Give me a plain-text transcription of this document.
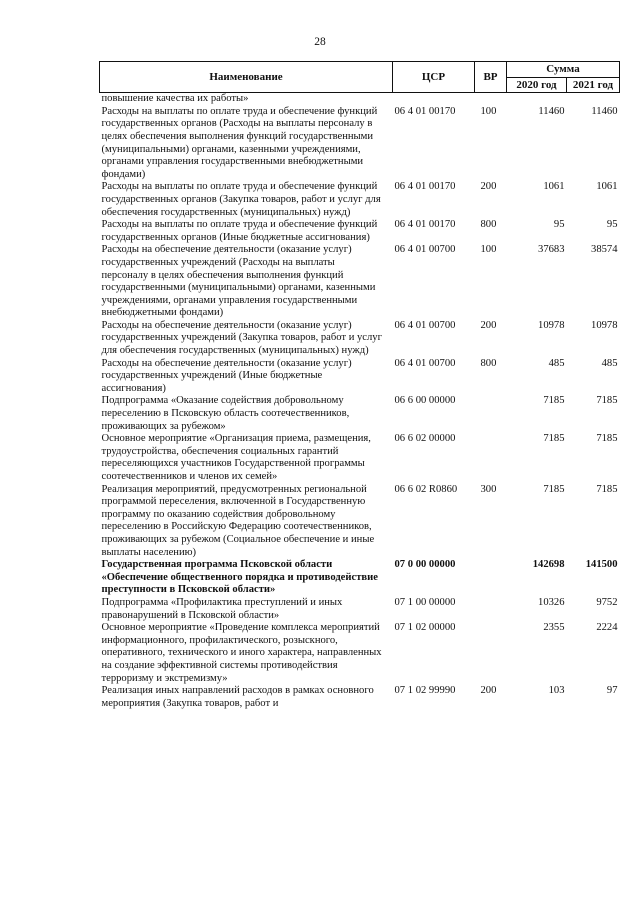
28
Наименование	ЦСР	ВР	Сумма	
			2020 год	2021 год
повышение качества их работы»				
Расходы на выплаты по оплате труда и обеспечение функций государственных органов (Расходы на выплаты персоналу в целях обеспечения выполнения функций государственными (муниципальными) органами, казенными учреждениями, органами управления государственными внебюджетными фондами)	06 4 01 00170	100	11460	11460
Расходы на выплаты по оплате труда и обеспечение функций государственных органов (Закупка товаров, работ и услуг для обеспечения государственных (муниципальных) нужд)	06 4 01 00170	200	1061	1061
Расходы на выплаты по оплате труда и обеспечение функций государственных органов (Иные бюджетные ассигнования)	06 4 01 00170	800	95	95
Расходы на обеспечение деятельности (оказание услуг) государственных учреждений (Расходы на выплаты персоналу в целях обеспечения выполнения функций государственными (муниципальными) органами, казенными учреждениями, органами управления государственными внебюджетными фондами)	06 4 01 00700	100	37683	38574
Расходы на обеспечение деятельности (оказание услуг) государственных учреждений (Закупка товаров, работ и услуг для обеспечения государственных (муниципальных) нужд)	06 4 01 00700	200	10978	10978
Расходы на обеспечение деятельности (оказание услуг) государственных учреждений (Иные бюджетные ассигнования)	06 4 01 00700	800	485	485
Подпрограмма «Оказание содействия добровольному переселению в Псковскую область соотечественников, проживающих за рубежом»	06 6 00 00000		7185	7185
Основное мероприятие «Организация приема, размещения, трудоустройства, обеспечения социальных гарантий переселяющихся участников Государственной программы соотечественников и членов их семей»	06 6 02 00000		7185	7185
Реализация мероприятий, предусмотренных региональной программой переселения, включенной в Государственную программу по оказанию содействия добровольному переселению в Российскую Федерацию соотечественников, проживающих за рубежом (Социальное обеспечение и иные выплаты населению)	06 6 02 R0860	300	7185	7185
Государственная программа Псковской области «Обеспечение общественного порядка и противодействие преступности в Псковской области»	07 0 00 00000		142698	141500
Подпрограмма «Профилактика преступлений и иных правонарушений в Псковской области»	07 1 00 00000		10326	9752
Основное мероприятие «Проведение комплекса мероприятий информационного, профилактического, розыскного, оперативного, технического и иного характера, направленных на создание эффективной системы противодействия терроризму и экстремизму»	07 1 02 00000		2355	2224
Реализация иных направлений расходов в рамках основного мероприятия (Закупка товаров, работ и	07 1 02 99990	200	103	97
